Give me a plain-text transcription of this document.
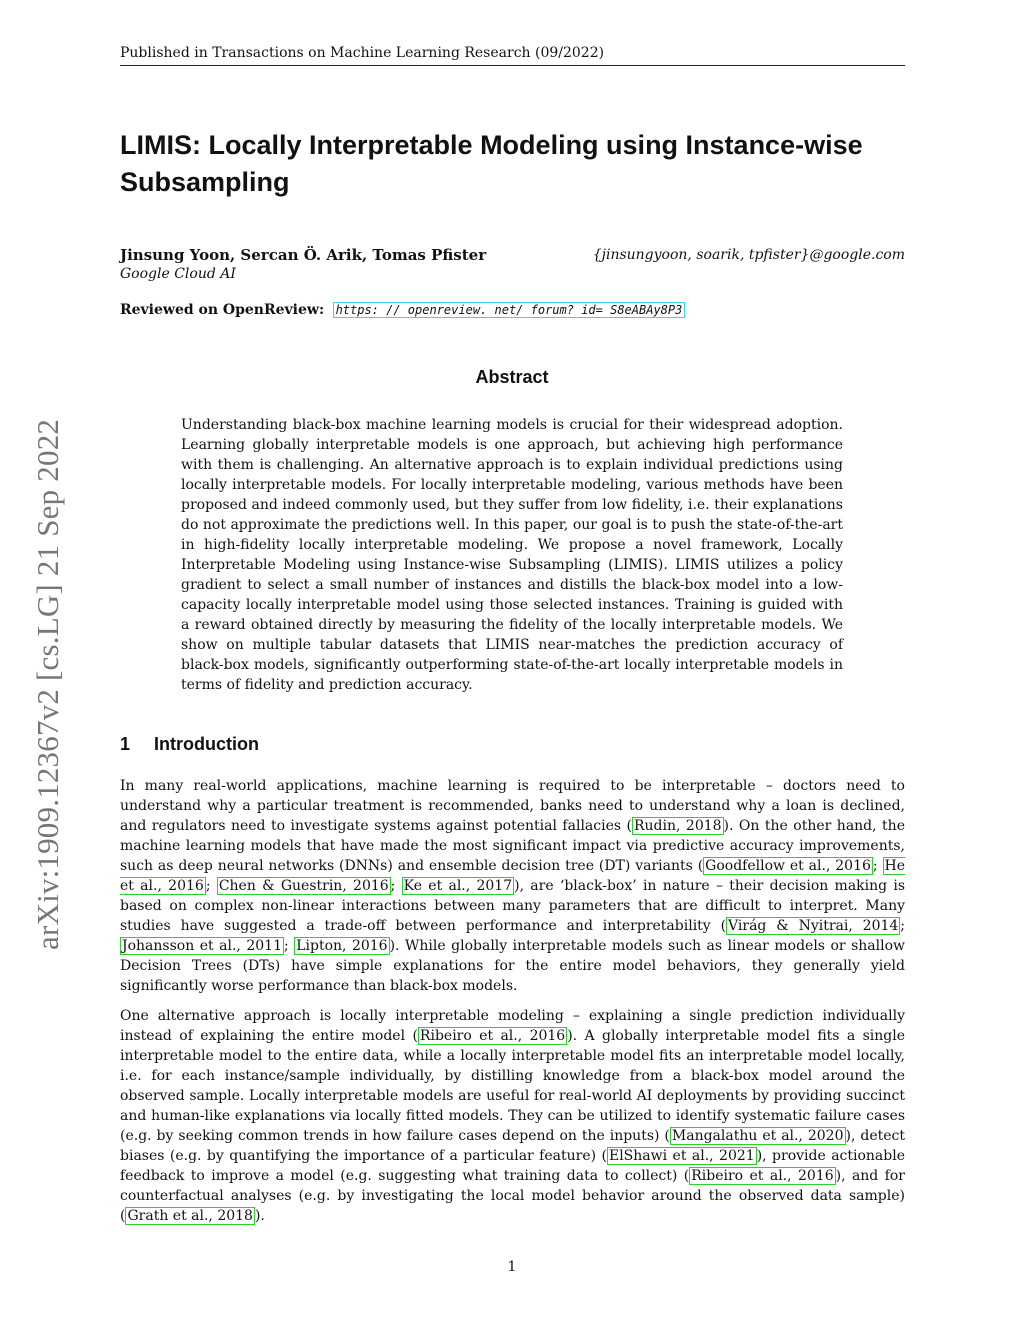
Published in Transactions on Machine Learning Research (09/2022)
arXiv:1909.12367v2 [cs.LG] 21 Sep 2022
LIMIS: Locally Interpretable Modeling using Instance-wise Subsampling
Jinsung Yoon, Sercan Ö. Arik, Tomas Pfister	{jinsungyoon, soarik, tpfister}@google.com
Google Cloud AI
Reviewed on OpenReview: https: // openreview. net/ forum? id= S8eABAy8P3
Abstract

Understanding black-box machine learning models is crucial for their widespread adoption. Learning globally interpretable models is one approach, but achieving high performance with them is challenging. An alternative approach is to explain individual predictions using locally interpretable models. For locally interpretable modeling, various methods have been proposed and indeed commonly used, but they suffer from low fidelity, i.e. their explanations do not approximate the predictions well. In this paper, our goal is to push the state-of-the-art in high-fidelity locally interpretable modeling. We propose a novel framework, Locally Interpretable Modeling using Instance-wise Subsampling (LIMIS). LIMIS utilizes a policy gradient to select a small number of instances and distills the black-box model into a low-capacity locally interpretable model using those selected instances. Training is guided with a reward obtained directly by measuring the fidelity of the locally interpretable models. We show on multiple tabular datasets that LIMIS near-matches the prediction accuracy of black-box models, significantly outperforming state-of-the-art locally interpretable models in terms of fidelity and prediction accuracy.

1 Introduction

In many real-world applications, machine learning is required to be interpretable – doctors need to understand why a particular treatment is recommended, banks need to understand why a loan is declined, and regulators need to investigate systems against potential fallacies ( Rudin, 2018 ). On the other hand, the machine learning models that have made the most significant impact via predictive accuracy improvements, such as deep neural networks (DNNs) and ensemble decision tree (DT) variants ( Goodfellow et al., 2016 ; He et al., 2016 ; Chen & Guestrin, 2016 ; Ke et al., 2017 ), are ‘black-box’ in nature – their decision making is based on complex non-linear interactions between many parameters that are difficult to interpret. Many studies have suggested a trade-off between performance and interpretability ( Virág & Nyitrai, 2014 ; Johansson et al., 2011 ; Lipton, 2016 ). While globally interpretable models such as linear models or shallow Decision Trees (DTs) have simple explanations for the entire model behaviors, they generally yield significantly worse performance than black-box models.

One alternative approach is locally interpretable modeling – explaining a single prediction individually instead of explaining the entire model ( Ribeiro et al., 2016 ). A globally interpretable model fits a single interpretable model to the entire data, while a locally interpretable model fits an interpretable model locally, i.e. for each instance/sample individually, by distilling knowledge from a black-box model around the observed sample. Locally interpretable models are useful for real-world AI deployments by providing succinct and human-like explanations via locally fitted models. They can be utilized to identify systematic failure cases (e.g. by seeking common trends in how failure cases depend on the inputs) ( Mangalathu et al., 2020 ), detect biases (e.g. by quantifying the importance of a particular feature) ( ElShawi et al., 2021 ), provide actionable feedback to improve a model (e.g. suggesting what training data to collect) ( Ribeiro et al., 2016 ), and for counterfactual analyses (e.g. by investigating the local model behavior around the observed data sample) ( Grath et al., 2018 ).

1
